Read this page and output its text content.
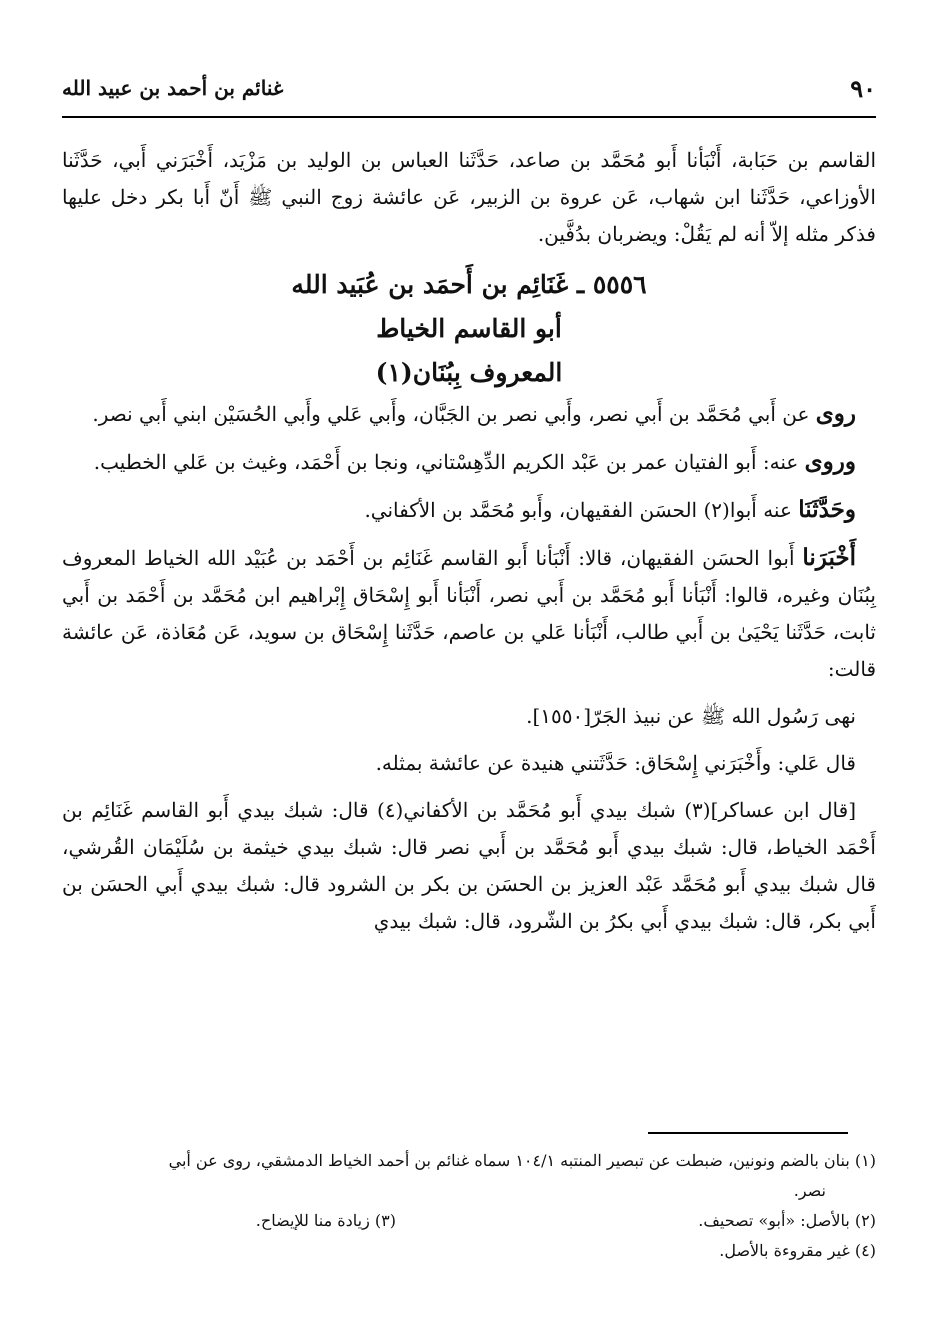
٩٠
غنائم بن أحمد بن عبيد الله

القاسم بن حَبَابة، أَنْبَأنا أَبو مُحَمَّد بن صاعد، حَدَّثَنا العباس بن الوليد بن مَزْيَد، أَخْبَرَني أَبي، حَدَّثَنا الأوزاعي، حَدَّثَنا ابن شهاب، عَن عروة بن الزبير، عَن عائشة زوج النبي ﷺ أَنّ أَبا بكر دخل عليها فذكر مثله إلاّ أنه لم يَقُلْ: ويضربان بدُفَّين.

٥٥٥٦ ـ غَنَائِم بن أَحمَد بن عُبَيد الله

أبو القاسم الخياط

المعروف بِبُنَان(١)

روى عن أَبي مُحَمَّد بن أَبي نصر، وأَبي نصر بن الجَبَّان، وأَبي عَلي وأَبي الحُسَيْن ابني أَبي نصر.

وروى عنه: أَبو الفتيان عمر بن عَبْد الكريم الدِّهِسْتاني، ونجا بن أَحْمَد، وغيث بن عَلي الخطيب.

وحَدَّثَنَا عنه أَبوا(٢) الحسَن الفقيهان، وأَبو مُحَمَّد بن الأكفاني.

أَخْبَرَنا أَبوا الحسَن الفقيهان، قالا: أَنْبَأنا أَبو القاسم غَنَائِم بن أَحْمَد بن عُبَيْد الله الخياط المعروف بِبُنَان وغيره، قالوا: أَنْبَأنا أَبو مُحَمَّد بن أَبي نصر، أَنْبَأنا أَبو إِسْحَاق إِبْراهيم ابن مُحَمَّد بن أَحْمَد بن أَبي ثابت، حَدَّثَنا يَحْيَىٰ بن أَبي طالب، أَنْبَأنا عَلي بن عاصم، حَدَّثَنا إِسْحَاق بن سويد، عَن مُعَاذة، عَن عائشة قالت:

نهى رَسُول الله ﷺ عن نبيذ الجَرّ[١٥٥٠].

قال عَلي: وأَخْبَرَني إِسْحَاق: حَدَّثَتني هنيدة عن عائشة بمثله.

[قال ابن عساكر](٣) شبك بيدي أَبو مُحَمَّد بن الأكفاني(٤) قال: شبك بيدي أَبو القاسم غَنَائِم بن أَحْمَد الخياط، قال: شبك بيدي أَبو مُحَمَّد بن أَبي نصر قال: شبك بيدي خيثمة بن سُلَيْمَان القُرشي، قال شبك بيدي أَبو مُحَمَّد عَبْد العزيز بن الحسَن بن بكر بن الشرود قال: شبك بيدي أَبي الحسَن بن أَبي بكر، قال: شبك بيدي أَبي بكرُ بن الشّرود، قال: شبك بيدي

(١) بنان بالضم ونونين، ضبطت عن تبصير المنتبه ١٠٤/١ سماه غنائم بن أحمد الخياط الدمشقي، روى عن أبي

نصر.

(٢) بالأصل: «أبو» تصحيف.
(٣) زيادة منا للإيضاح.

(٤) غير مقروءة بالأصل.
